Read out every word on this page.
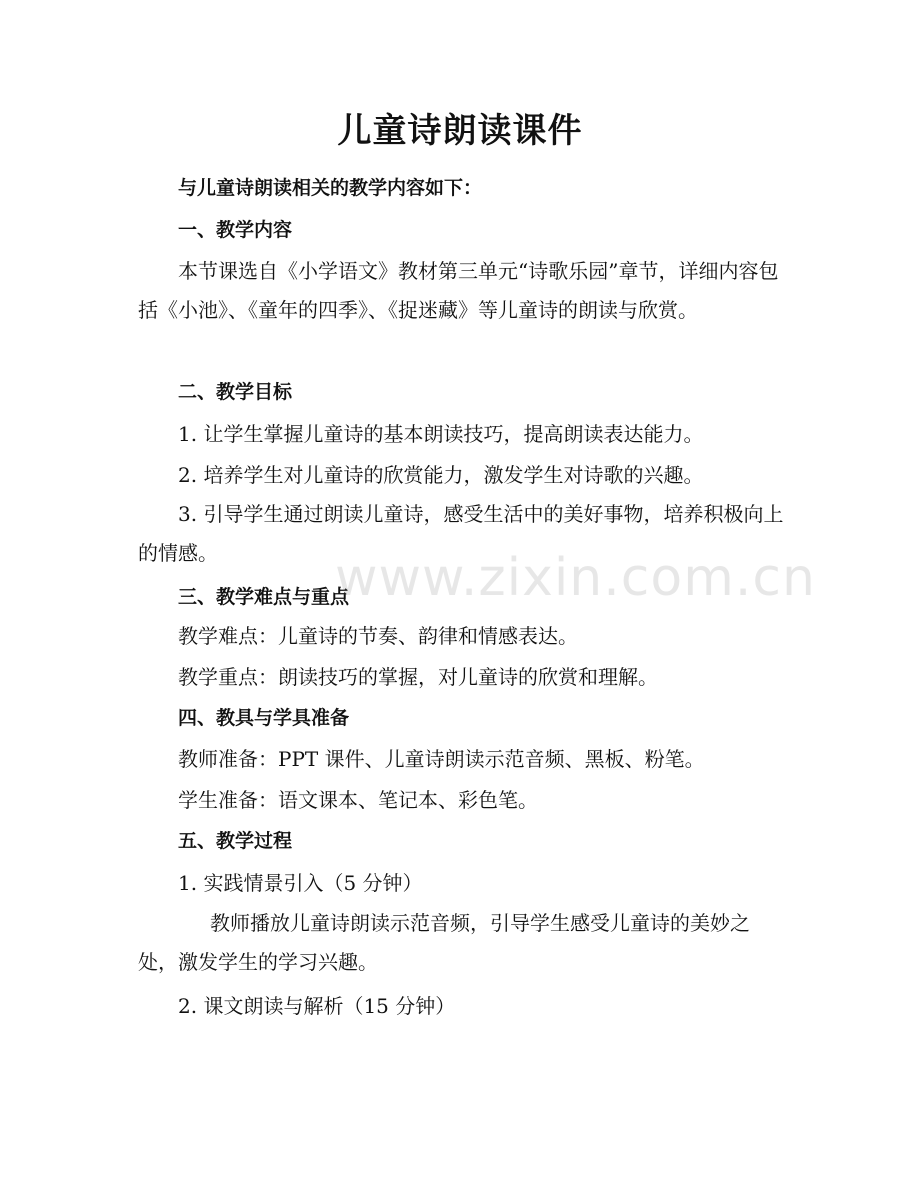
儿童诗朗读课件
与儿童诗朗读相关的教学内容如下：
一、教学内容
本节课选自《小学语文》教材第三单元“诗歌乐园”章节，详细内容包括《小池》、《童年的四季》、《捉迷藏》等儿童诗的朗读与欣赏。
二、教学目标
1. 让学生掌握儿童诗的基本朗读技巧，提高朗读表达能力。
2. 培养学生对儿童诗的欣赏能力，激发学生对诗歌的兴趣。
3. 引导学生通过朗读儿童诗，感受生活中的美好事物，培养积极向上的情感。
三、教学难点与重点
教学难点：儿童诗的节奏、韵律和情感表达。
教学重点：朗读技巧的掌握，对儿童诗的欣赏和理解。
四、教具与学具准备
教师准备：PPT 课件、儿童诗朗读示范音频、黑板、粉笔。
学生准备：语文课本、笔记本、彩色笔。
五、教学过程
1. 实践情景引入（5 分钟）
教师播放儿童诗朗读示范音频，引导学生感受儿童诗的美妙之处，激发学生的学习兴趣。
2. 课文朗读与解析（15 分钟）
www.zixin.com.cn
